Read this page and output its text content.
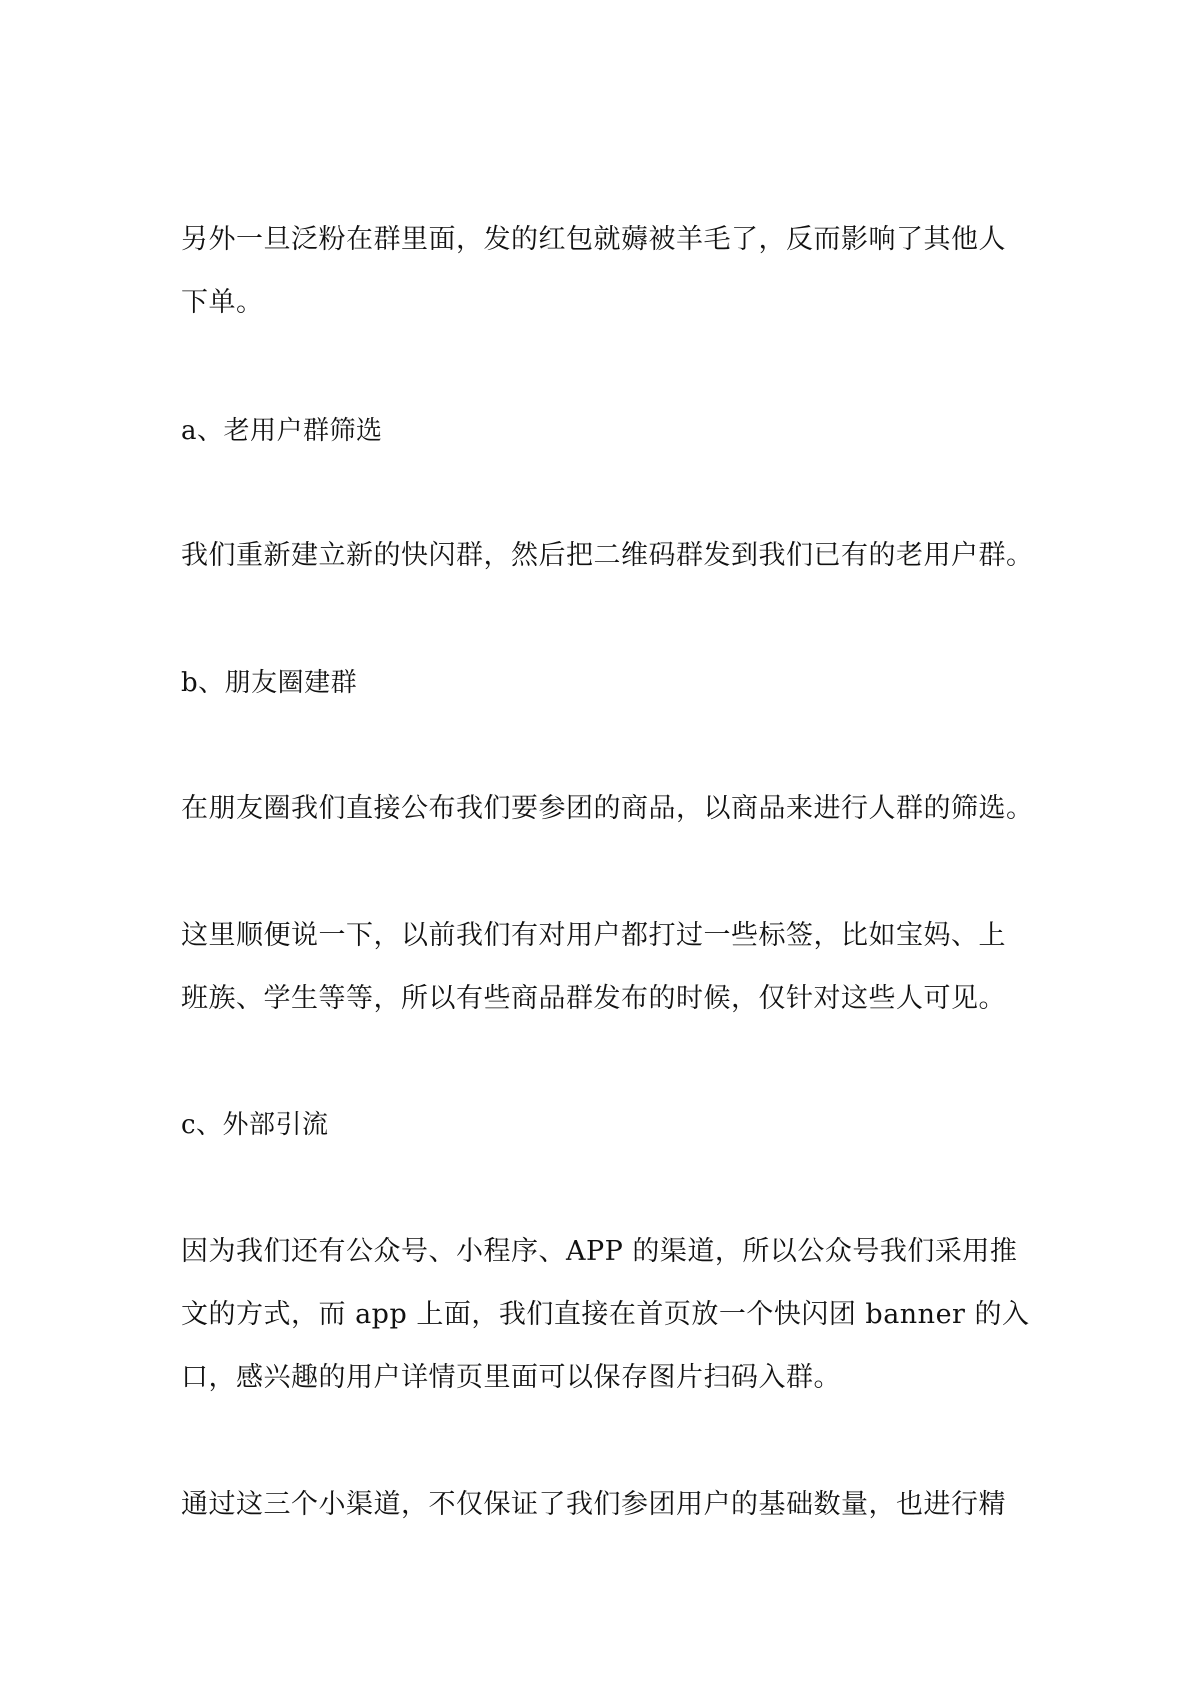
另外一旦泛粉在群里面，发的红包就薅被羊毛了，反而影响了其他人

下单。

a、老用户群筛选

我们重新建立新的快闪群，然后把二维码群发到我们已有的老用户群。

b、朋友圈建群

在朋友圈我们直接公布我们要参团的商品，以商品来进行人群的筛选。

这里顺便说一下，以前我们有对用户都打过一些标签，比如宝妈、上

班族、学生等等，所以有些商品群发布的时候，仅针对这些人可见。

c、外部引流

因为我们还有公众号、小程序、APP 的渠道，所以公众号我们采用推

文的方式，而 app 上面，我们直接在首页放一个快闪团 banner 的入

口，感兴趣的用户详情页里面可以保存图片扫码入群。

通过这三个小渠道，不仅保证了我们参团用户的基础数量，也进行精
